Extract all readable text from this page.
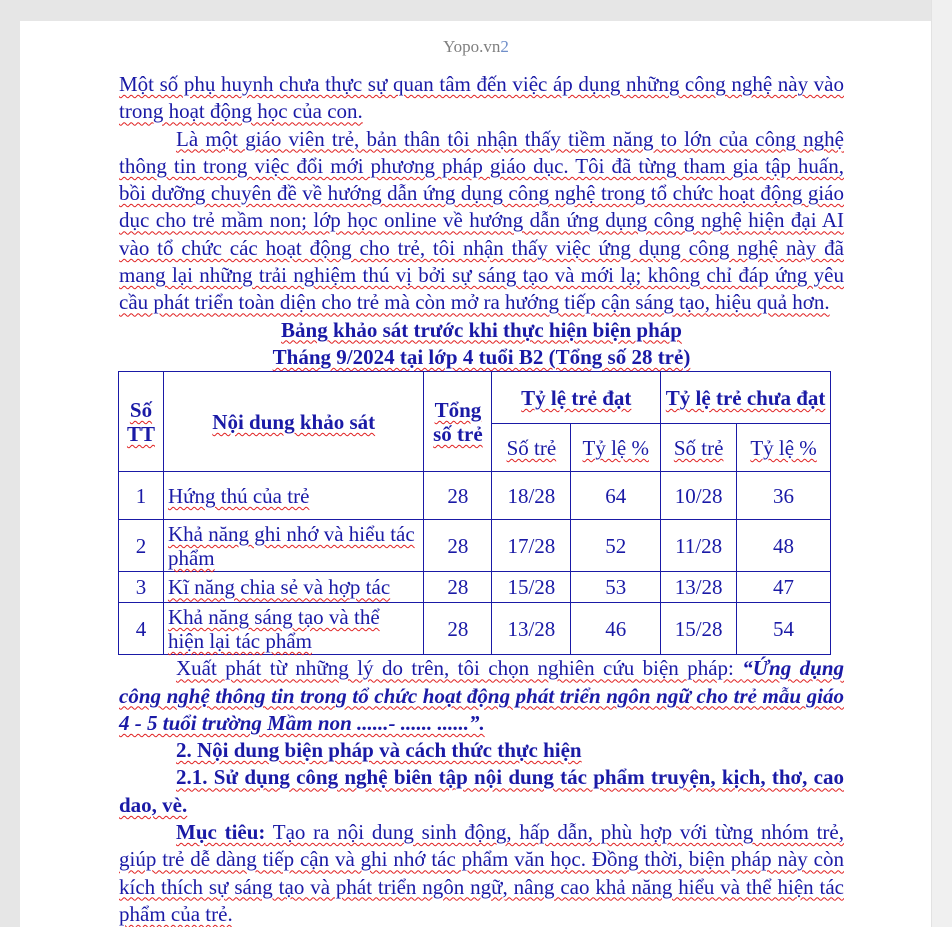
Yopo.vn2

Một số phụ huynh chưa thực sự quan tâm đến việc áp dụng những công nghệ này vào trong hoạt động học của con.

Là một giáo viên trẻ, bản thân tôi nhận thấy tiềm năng to lớn của công nghệ thông tin trong việc đổi mới phương pháp giáo dục. Tôi đã từng tham gia tập huấn, bồi dưỡng chuyên đề về hướng dẫn ứng dụng công nghệ trong tổ chức hoạt động giáo dục cho trẻ mầm non; lớp học online về hướng dẫn ứng dụng công nghệ hiện đại AI vào tổ chức các hoạt động cho trẻ, tôi nhận thấy việc ứng dụng công nghệ này đã mang lại những trải nghiệm thú vị bởi sự sáng tạo và mới lạ; không chỉ đáp ứng yêu cầu phát triển toàn diện cho trẻ mà còn mở ra hướng tiếp cận sáng tạo, hiệu quả hơn.

Bảng khảo sát trước khi thực hiện biện pháp

Tháng 9/2024 tại lớp 4 tuổi B2 (Tổng số 28 trẻ)

Số TT	Nội dung khảo sát	Tổng số trẻ	Tỷ lệ trẻ đạt		Tỷ lệ trẻ chưa đạt	
			Số trẻ	Tỷ lệ %	Số trẻ	Tỷ lệ %
1	Hứng thú của trẻ	28	18/28	64	10/28	36
2	Khả năng ghi nhớ và hiểu tác phẩm	28	17/28	52	11/28	48
3	Kĩ năng chia sẻ và hợp tác	28	15/28	53	13/28	47
4	Khả năng sáng tạo và thể hiện lại tác phẩm	28	13/28	46	15/28	54

Xuất phát từ những lý do trên, tôi chọn nghiên cứu biện pháp: “Ứng dụng công nghệ thông tin trong tổ chức hoạt động phát triển ngôn ngữ cho trẻ mẫu giáo 4 - 5 tuổi trường Mầm non ......- ...... ......”.

2. Nội dung biện pháp và cách thức thực hiện

2.1. Sử dụng công nghệ biên tập nội dung tác phẩm truyện, kịch, thơ, cao dao, vè.

Mục tiêu: Tạo ra nội dung sinh động, hấp dẫn, phù hợp với từng nhóm trẻ, giúp trẻ dễ dàng tiếp cận và ghi nhớ tác phẩm văn học. Đồng thời, biện pháp này còn kích thích sự sáng tạo và phát triển ngôn ngữ, nâng cao khả năng hiểu và thể hiện tác phẩm của trẻ.
